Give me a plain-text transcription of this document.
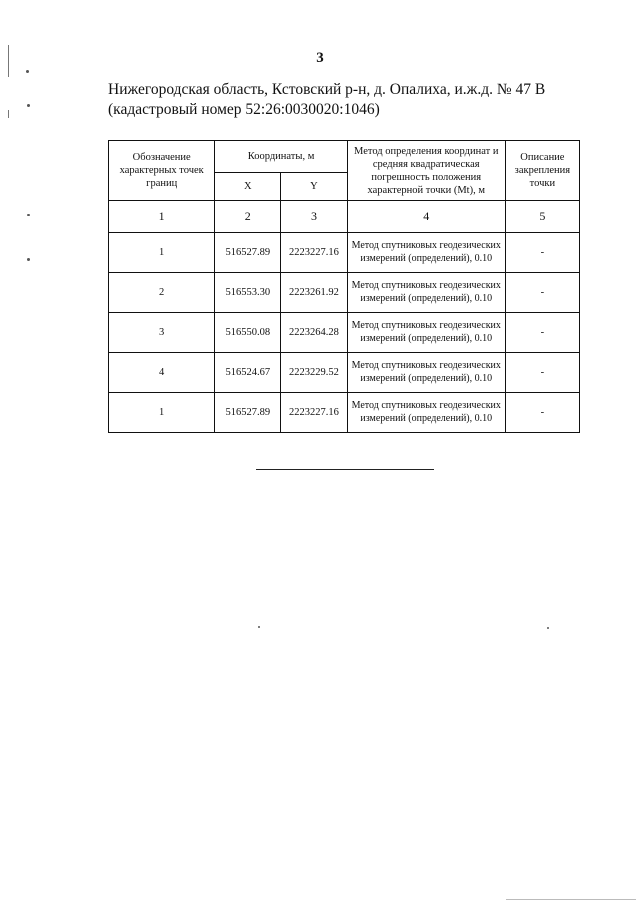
3
Нижегородская область, Кстовский р-н, д. Опалиха, и.ж.д. № 47 В
(кадастровый номер 52:26:0030020:1046)
Обозначение характерных точек границ	Координаты, м		Метод определения координат и средняя квадратическая погрешность положения характерной точки (Mt), м	Описание закрепления точки
	X	Y		
1	2	3	4	5
1	516527.89	2223227.16	Метод спутниковых геодезических измерений (определений), 0.10	-
2	516553.30	2223261.92	Метод спутниковых геодезических измерений (определений), 0.10	-
3	516550.08	2223264.28	Метод спутниковых геодезических измерений (определений), 0.10	-
4	516524.67	2223229.52	Метод спутниковых геодезических измерений (определений), 0.10	-
1	516527.89	2223227.16	Метод спутниковых геодезических измерений (определений), 0.10	-
